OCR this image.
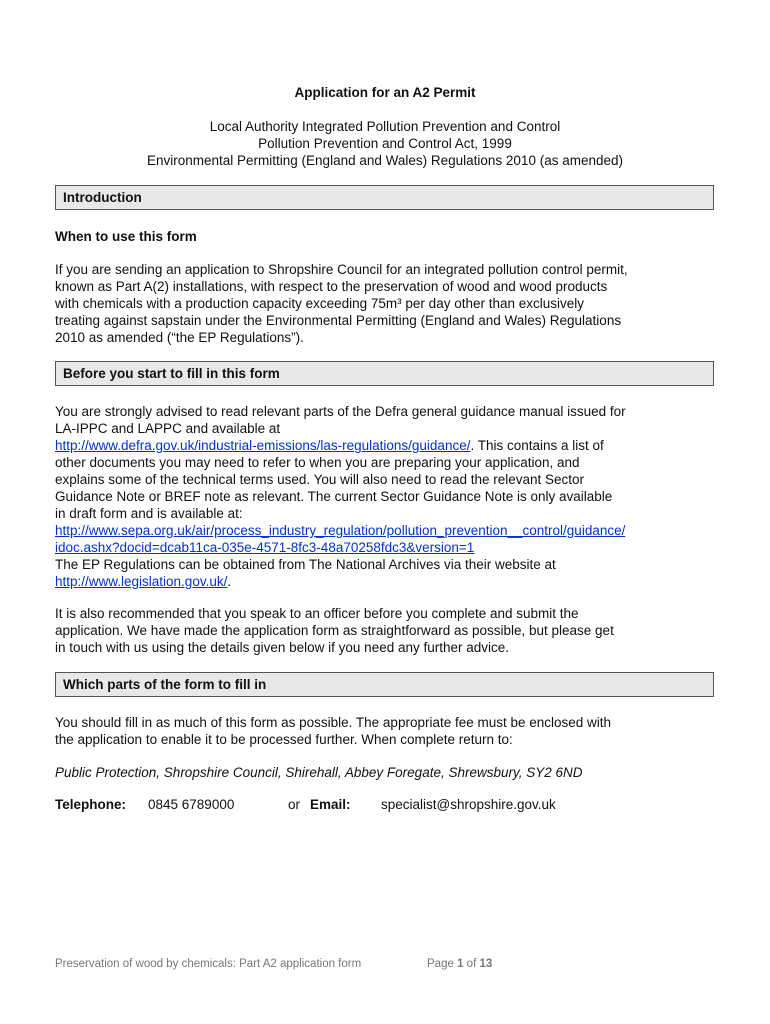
Application for an A2 Permit
Local Authority Integrated Pollution Prevention and Control
Pollution Prevention and Control Act, 1999
Environmental Permitting (England and Wales) Regulations 2010 (as amended)
Introduction
When to use this form
If you are sending an application to Shropshire Council for an integrated pollution control permit,
known as Part A(2) installations, with respect to the preservation of wood and wood products
with chemicals with a production capacity exceeding 75m³ per day other than exclusively
treating against sapstain under the Environmental Permitting (England and Wales) Regulations
2010 as amended (“the EP Regulations”).
Before you start to fill in this form
You are strongly advised to read relevant parts of the Defra general guidance manual issued for
LA-IPPC and LAPPC and available at
http://www.defra.gov.uk/industrial-emissions/las-regulations/guidance/. This contains a list of
other documents you may need to refer to when you are preparing your application, and
explains some of the technical terms used. You will also need to read the relevant Sector
Guidance Note or BREF note as relevant. The current Sector Guidance Note is only available
in draft form and is available at:
http://www.sepa.org.uk/air/process_industry_regulation/pollution_prevention__control/guidance/
idoc.ashx?docid=dcab11ca-035e-4571-8fc3-48a70258fdc3&version=1
The EP Regulations can be obtained from The National Archives via their website at
http://www.legislation.gov.uk/.
It is also recommended that you speak to an officer before you complete and submit the
application. We have made the application form as straightforward as possible, but please get
in touch with us using the details given below if you need any further advice.
Which parts of the form to fill in
You should fill in as much of this form as possible. The appropriate fee must be enclosed with
the application to enable it to be processed further. When complete return to:
Public Protection, Shropshire Council, Shirehall, Abbey Foregate, Shrewsbury, SY2 6ND
Telephone: 0845 6789000	or Email: specialist@shropshire.gov.uk
Preservation of wood by chemicals: Part A2 application form	Page 1 of 13
